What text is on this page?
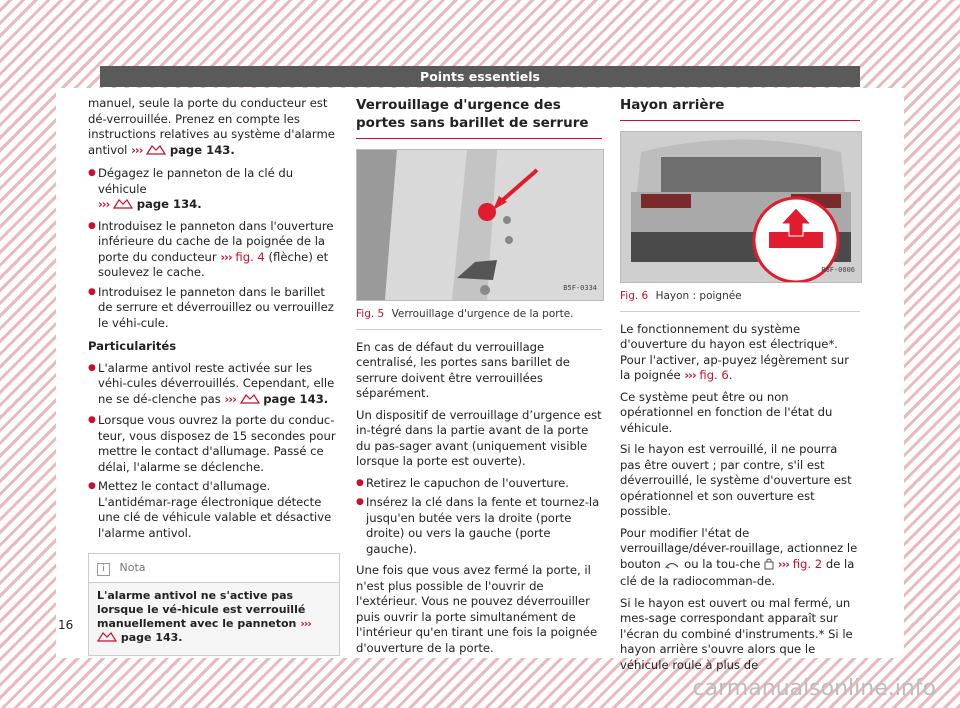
Points essentiels

manuel, seule la porte du conducteur est dé-verrouillée. Prenez en compte les instructions relatives au système d'alarme antivol ››› page 143.

● Dégagez le panneton de la clé du véhicule
››› page 134.
● Introduisez le panneton dans l'ouverture inférieure du cache de la poignée de la porte du conducteur ››› fig. 4 (flèche) et soulevez le cache.
● Introduisez le panneton dans le barillet de serrure et déverrouillez ou verrouillez le véhi-cule.

Particularités

● L'alarme antivol reste activée sur les véhi-cules déverrouillés. Cependant, elle ne se dé-clenche pas ››› page 143.
● Lorsque vous ouvrez la porte du conduc-teur, vous disposez de 15 secondes pour mettre le contact d'allumage. Passé ce délai, l'alarme se déclenche.
● Mettez le contact d'allumage. L'antidémar-rage électronique détecte une clé de véhicule valable et désactive l'alarme antivol.
i Nota
L'alarme antivol ne s'active pas lorsque le vé-hicule est verrouillé manuellement avec le panneton ›››  page 143.
Verrouillage d'urgence des portes sans barillet de serrure
B5F-0334
Fig. 5 Verrouillage d'urgence de la porte.

En cas de défaut du verrouillage centralisé, les portes sans barillet de serrure doivent être verrouillées séparément.

Un dispositif de verrouillage d’urgence est in-tégré dans la partie avant de la porte du pas-sager avant (uniquement visible lorsque la porte est ouverte).

● Retirez le capuchon de l'ouverture.
● Insérez la clé dans la fente et tournez-la jusqu'en butée vers la droite (porte droite) ou vers la gauche (porte gauche).

Une fois que vous avez fermé la porte, il n'est plus possible de l'ouvrir de l'extérieur. Vous ne pouvez déverrouiller puis ouvrir la porte simultanément de l'intérieur qu'en tirant une fois la poignée d'ouverture de la porte.

Hayon arrière
B6F-0006
Fig. 6 Hayon : poignée

Le fonctionnement du système d'ouverture du hayon est électrique*. Pour l'activer, ap-puyez légèrement sur la poignée ››› fig. 6.

Ce système peut être ou non opérationnel en fonction de l'état du véhicule.

Si le hayon est verrouillé, il ne pourra pas être ouvert ; par contre, s'il est déverrouillé, le système d'ouverture est opérationnel et son ouverture est possible.

Pour modifier l'état de verrouillage/déver-rouillage, actionnez le bouton ou la tou-che ››› fig. 2 de la clé de la radiocomman-de.

Si le hayon est ouvert ou mal fermé, un mes-sage correspondant apparaît sur l'écran du combiné d'instruments.* Si le hayon arrière s'ouvre alors que le véhicule roule à plus de

16
carmanualsonline.info
